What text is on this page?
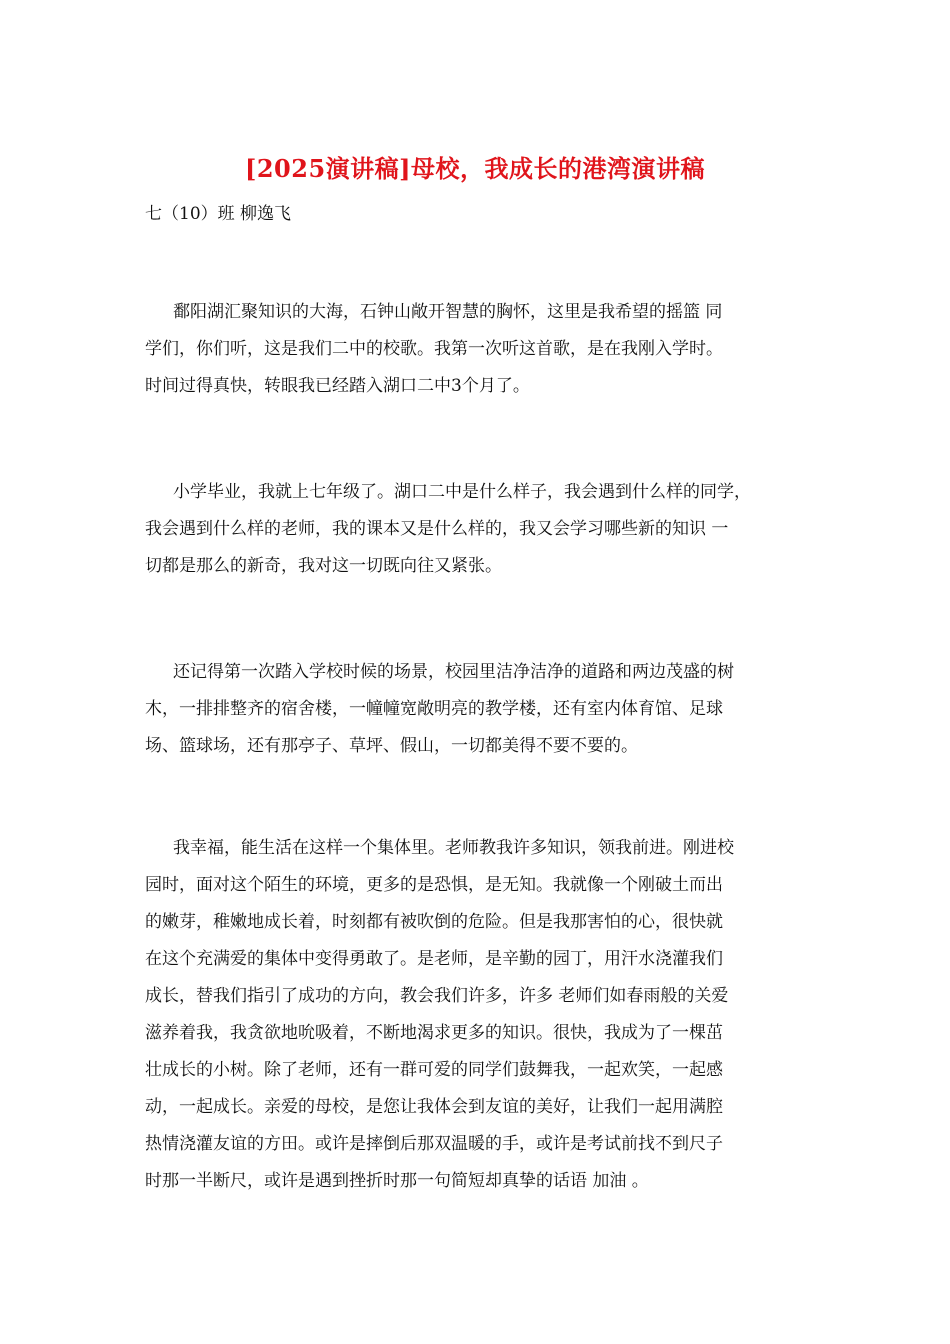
[2025演讲稿]母校，我成长的港湾演讲稿
七（10）班 柳逸飞
鄱阳湖汇聚知识的大海，石钟山敞开智慧的胸怀，这里是我希望的摇篮 同
学们，你们听，这是我们二中的校歌。我第一次听这首歌，是在我刚入学时。
时间过得真快，转眼我已经踏入湖口二中3个月了。
小学毕业，我就上七年级了。湖口二中是什么样子，我会遇到什么样的同学，
我会遇到什么样的老师，我的课本又是什么样的，我又会学习哪些新的知识 一
切都是那么的新奇，我对这一切既向往又紧张。
还记得第一次踏入学校时候的场景，校园里洁净洁净的道路和两边茂盛的树
木，一排排整齐的宿舍楼，一幢幢宽敞明亮的教学楼，还有室内体育馆、足球
场、篮球场，还有那亭子、草坪、假山，一切都美得不要不要的。
我幸福，能生活在这样一个集体里。老师教我许多知识，领我前进。刚进校
园时，面对这个陌生的环境，更多的是恐惧，是无知。我就像一个刚破土而出
的嫩芽，稚嫩地成长着，时刻都有被吹倒的危险。但是我那害怕的心，很快就
在这个充满爱的集体中变得勇敢了。是老师，是辛勤的园丁，用汗水浇灌我们
成长，替我们指引了成功的方向，教会我们许多，许多 老师们如春雨般的关爱
滋养着我，我贪欲地吮吸着，不断地渴求更多的知识。很快，我成为了一棵茁
壮成长的小树。除了老师，还有一群可爱的同学们鼓舞我，一起欢笑，一起感
动，一起成长。亲爱的母校，是您让我体会到友谊的美好，让我们一起用满腔
热情浇灌友谊的方田。或许是摔倒后那双温暖的手，或许是考试前找不到尺子
时那一半断尺，或许是遇到挫折时那一句简短却真挚的话语 加油 。
